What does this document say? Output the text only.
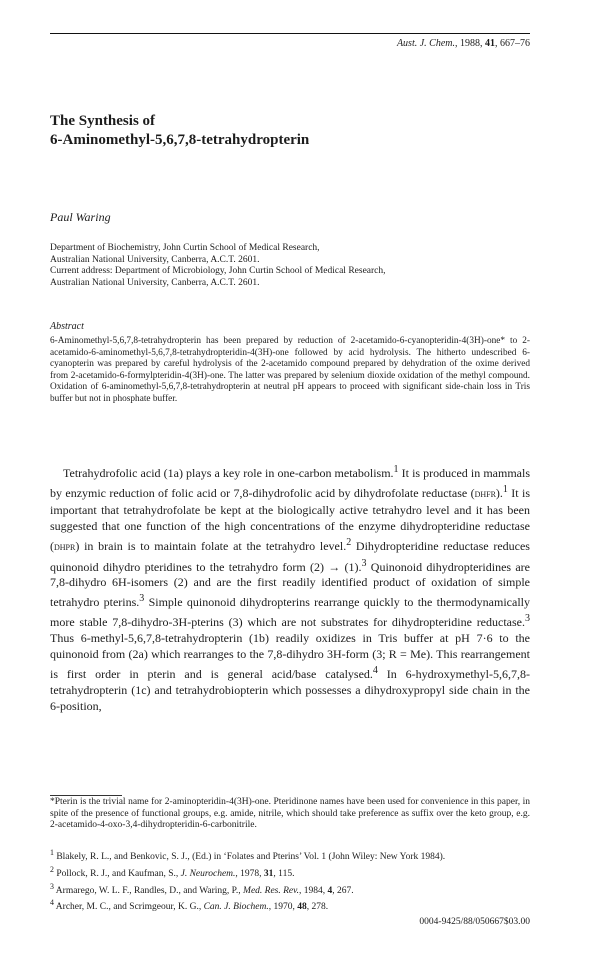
Aust. J. Chem., 1988, 41, 667–76
The Synthesis of
6-Aminomethyl-5,6,7,8-tetrahydropterin
Paul Waring
Department of Biochemistry, John Curtin School of Medical Research,
Australian National University, Canberra, A.C.T. 2601.
Current address: Department of Microbiology, John Curtin School of Medical Research,
Australian National University, Canberra, A.C.T. 2601.
Abstract

6-Aminomethyl-5,6,7,8-tetrahydropterin has been prepared by reduction of 2-acetamido-6-cyanopteridin-4(3H)-one* to 2-acetamido-6-aminomethyl-5,6,7,8-tetrahydropteridin-4(3H)-one followed by acid hydrolysis. The hitherto undescribed 6-cyanopterin was prepared by careful hydrolysis of the 2-acetamido compound prepared by dehydration of the oxime derived from 2-acetamido-6-formylpteridin-4(3H)-one. The latter was prepared by selenium dioxide oxidation of the methyl compound. Oxidation of 6-aminomethyl-5,6,7,8-tetrahydropterin at neutral pH appears to proceed with significant side-chain loss in Tris buffer but not in phosphate buffer.

Tetrahydrofolic acid (1a) plays a key role in one-carbon metabolism.$^1$ It is produced in mammals by enzymic reduction of folic acid or 7,8-dihydrofolic acid by dihydrofolate reductase (dhfr).$^1$ It is important that tetrahydrofolate be kept at the biologically active tetrahydro level and it has been suggested that one function of the high concentrations of the enzyme dihydropteridine reductase (dhpr) in brain is to maintain folate at the tetrahydro level.$^2$ Dihydropteridine reductase reduces quinonoid dihydro pteridines to the tetrahydro form (2) → (1).$^3$ Quinonoid dihydropteridines are 7,8-dihydro 6H-isomers (2) and are the first readily identified product of oxidation of simple tetrahydro pterins.$^3$ Simple quinonoid dihydropterins rearrange quickly to the thermodynamically more stable 7,8-dihydro-3H-pterins (3) which are not substrates for dihydropteridine reductase.$^3$ Thus 6-methyl-5,6,7,8-tetrahydropterin (1b) readily oxidizes in Tris buffer at pH 7·6 to the quinonoid from (2a) which rearranges to the 7,8-dihydro 3H-form (3; R = Me). This rearrangement is first order in pterin and is general acid/base catalysed.$^4$ In 6-hydroxymethyl-5,6,7,8-tetrahydropterin (1c) and tetrahydrobiopterin which possesses a dihydroxypropyl side chain in the 6-position,

*Pterin is the trivial name for 2-aminopteridin-4(3H)-one. Pteridinone names have been used for convenience in this paper, in spite of the presence of functional groups, e.g. amide, nitrile, which should take preference as suffix over the keto group, e.g. 2-acetamido-4-oxo-3,4-dihydropteridin-6-carbonitrile.

$^1$ Blakely, R. L., and Benkovic, S. J., (Ed.) in ‘Folates and Pterins’ Vol. 1 (John Wiley: New York 1984).
$^2$ Pollock, R. J., and Kaufman, S., J. Neurochem., 1978, 31, 115.
$^3$ Armarego, W. L. F., Randles, D., and Waring, P., Med. Res. Rev., 1984, 4, 267.
$^4$ Archer, M. C., and Scrimgeour, K. G., Can. J. Biochem., 1970, 48, 278.
0004-9425/88/050667$03.00
